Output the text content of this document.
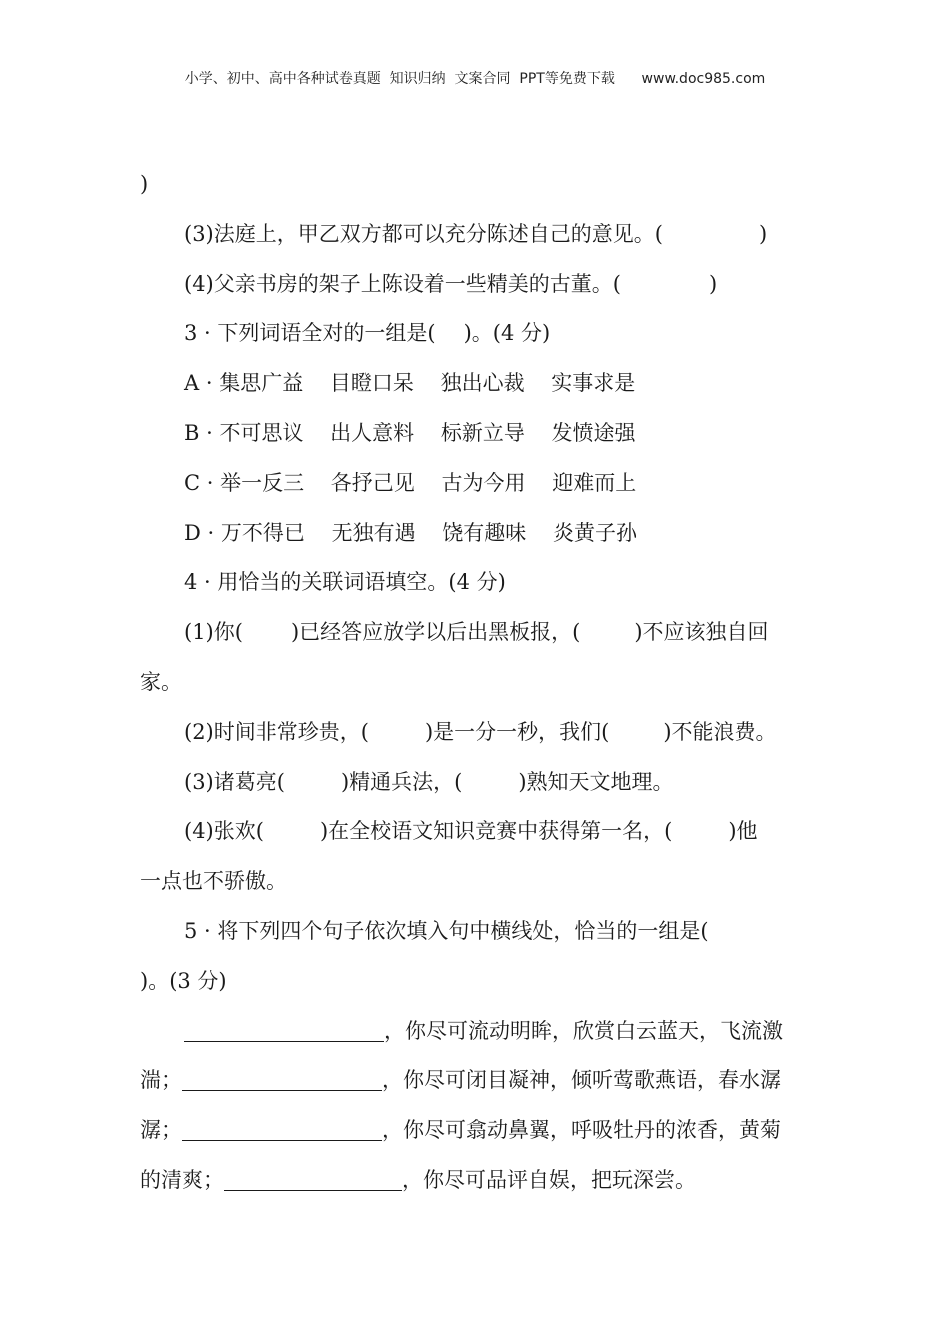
小学、初中、高中各种试卷真题  知识归纳  文案合同  PPT等免费下载      www.doc985.com
)
(3)法庭上，甲乙双方都可以充分陈述自己的意见。(	)
(4)父亲书房的架子上陈设着一些精美的古董。(	)
3 · 下列词语全对的一组是( )。(4 分)
A · 集思广益    目瞪口呆    独出心裁    实事求是
B · 不可思议    出人意料    标新立导    发愤途强
C · 举一反三    各抒己见    古为今用    迎难而上
D · 万不得已    无独有遇    饶有趣味    炎黄子孙
4 · 用恰当的关联词语填空。(4 分)
(1)你( )已经答应放学以后出黑板报，(	)不应该独自回
家。
(2)时间非常珍贵，(	)是一分一秒，我们(	)不能浪费。
(3)诸葛亮(	)精通兵法，(	)熟知天文地理。
(4)张欢(	)在全校语文知识竞赛中获得第一名，(	)他
一点也不骄傲。
5 · 将下列四个句子依次填入句中横线处，恰当的一组是(
)。(3 分)
，你尽可流动明眸，欣赏白云蓝天，飞流激
湍；	，你尽可闭目凝神，倾听莺歌燕语，春水潺
潺；	，你尽可翕动鼻翼，呼吸牡丹的浓香，黄菊
的清爽；	，你尽可品评自娱，把玩深尝。
